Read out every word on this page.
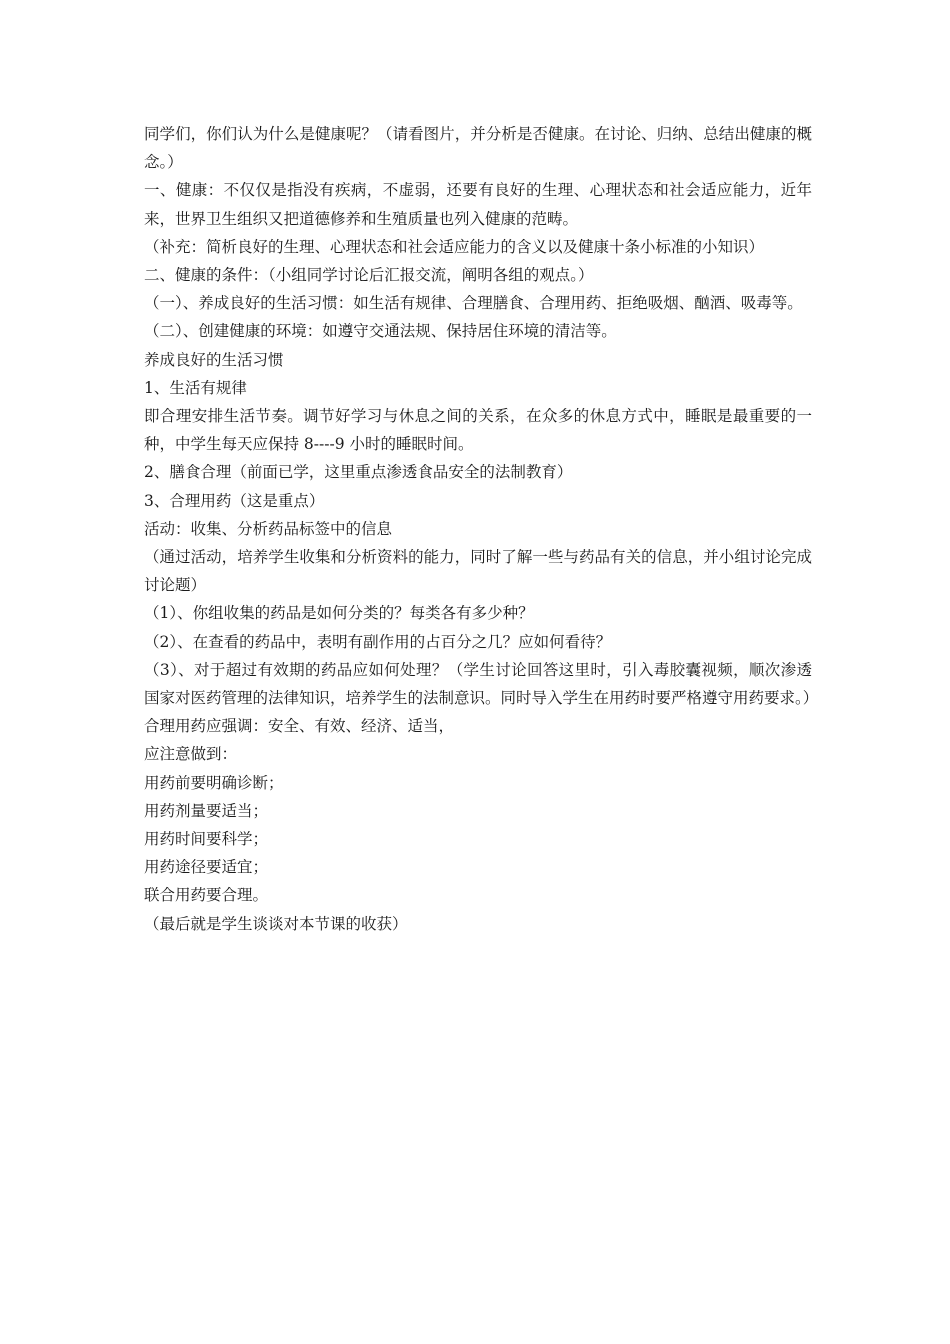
同学们，你们认为什么是健康呢？（请看图片，并分析是否健康。在讨论、归纳、总结出健康的概念。）

一、健康：不仅仅是指没有疾病，不虚弱，还要有良好的生理、心理状态和社会适应能力，近年来，世界卫生组织又把道德修养和生殖质量也列入健康的范畴。

（补充：简析良好的生理、心理状态和社会适应能力的含义以及健康十条小标准的小知识）

二、健康的条件：（小组同学讨论后汇报交流，阐明各组的观点。）

（一）、养成良好的生活习惯：如生活有规律、合理膳食、合理用药、拒绝吸烟、酗酒、吸毒等。

（二）、创建健康的环境：如遵守交通法规、保持居住环境的清洁等。

养成良好的生活习惯

1、生活有规律

即合理安排生活节奏。调节好学习与休息之间的关系，在众多的休息方式中，睡眠是最重要的一种，中学生每天应保持 8----9 小时的睡眠时间。

2、膳食合理（前面已学，这里重点渗透食品安全的法制教育）

3、合理用药（这是重点）

活动：收集、分析药品标签中的信息

（通过活动，培养学生收集和分析资料的能力，同时了解一些与药品有关的信息，并小组讨论完成讨论题）

（1）、你组收集的药品是如何分类的？每类各有多少种？

（2）、在查看的药品中，表明有副作用的占百分之几？应如何看待？

（3）、对于超过有效期的药品应如何处理？（学生讨论回答这里时，引入毒胶囊视频，顺次渗透国家对医药管理的法律知识，培养学生的法制意识。同时导入学生在用药时要严格遵守用药要求。）

合理用药应强调：安全、有效、经济、适当，

应注意做到：

用药前要明确诊断；

用药剂量要适当；

用药时间要科学；

用药途径要适宜；

联合用药要合理。

（最后就是学生谈谈对本节课的收获）
